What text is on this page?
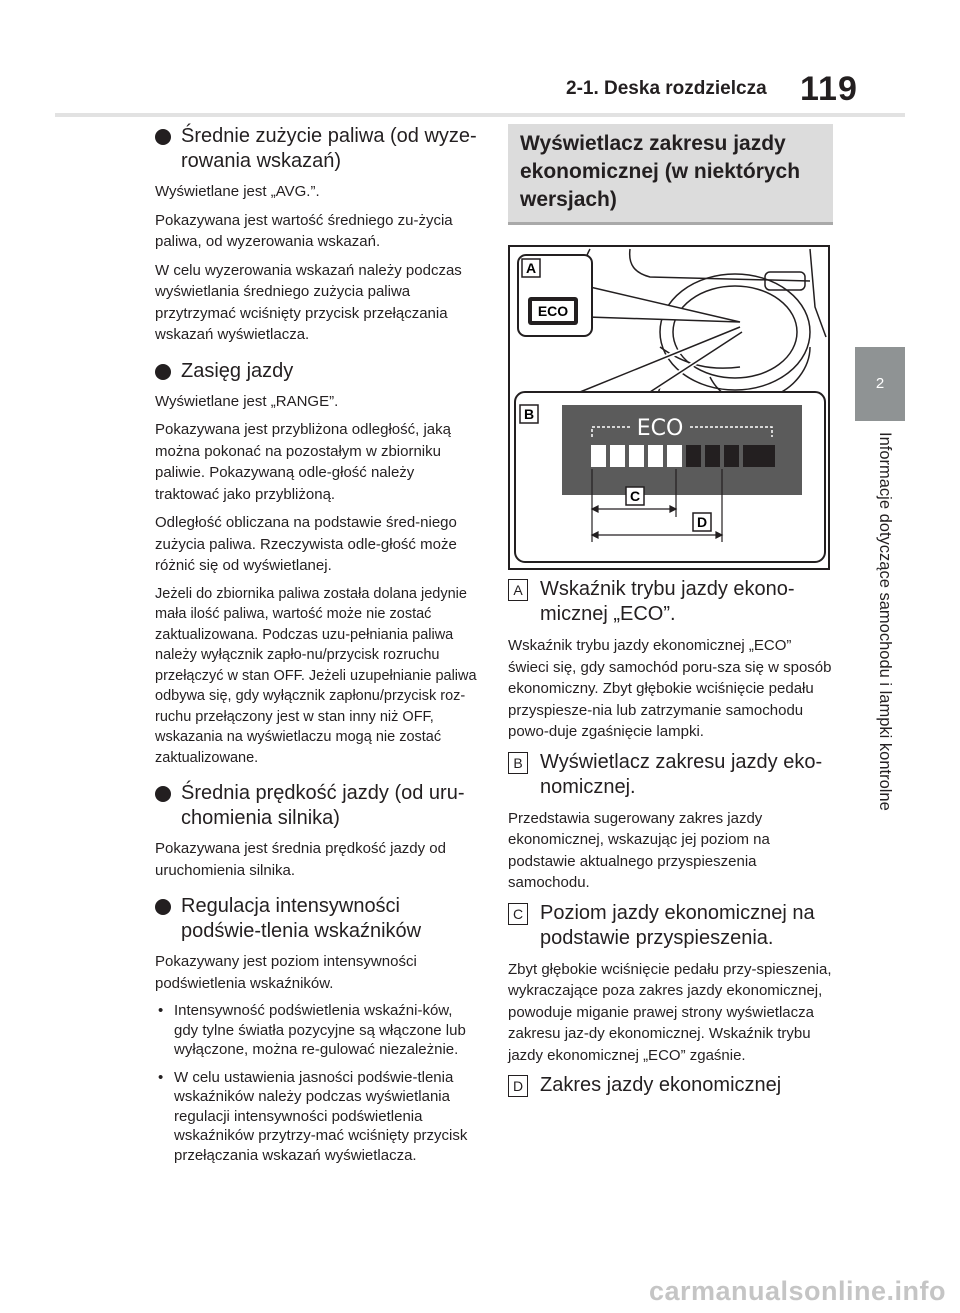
2-1. Deska rozdzielcza 119
2
Informacje dotyczące samochodu i lampki kontrolne
Średnie zużycie paliwa (od wyze-rowania wskazań)

Wyświetlane jest „AVG.”.

Pokazywana jest wartość średniego zu-życia paliwa, od wyzerowania wskazań.

W celu wyzerowania wskazań należy podczas wyświetlania średniego zużycia paliwa przytrzymać wciśnięty przycisk przełączania wskazań wyświetlacza.

Zasięg jazdy

Wyświetlane jest „RANGE”.

Pokazywana jest przybliżona odległość, jaką można pokonać na pozostałym w zbiorniku paliwie. Pokazywaną odle-głość należy traktować jako przybliżoną.

Odległość obliczana na podstawie śred-niego zużycia paliwa. Rzeczywista odle-głość może różnić się od wyświetlanej.

Jeżeli do zbiornika paliwa została dolana jedynie mała ilość paliwa, wartość może nie zostać zaktualizowana. Podczas uzu-pełniania paliwa należy wyłącznik zapło-nu/przycisk rozruchu przełączyć w stan OFF. Jeżeli uzupełnianie paliwa odbywa się, gdy wyłącznik zapłonu/przycisk roz-ruchu przełączony jest w stan inny niż OFF, wskazania na wyświetlaczu mogą nie zostać zaktualizowane.

Średnia prędkość jazdy (od uru-chomienia silnika)

Pokazywana jest średnia prędkość jazdy od uruchomienia silnika.

Regulacja intensywności podświe-tlenia wskaźników

Pokazywany jest poziom intensywności podświetlenia wskaźników.

• Intensywność podświetlenia wskaźni-ków, gdy tylne światła pozycyjne są włączone lub wyłączone, można re-gulować niezależnie.
• W celu ustawienia jasności podświe-tlenia wskaźników należy podczas wyświetlania regulacji intensywności podświetlenia wskaźników przytrzy-mać wciśnięty przycisk przełączania wskazań wyświetlacza.
Wyświetlacz zakresu jazdy ekonomicznej (w niektórych wersjach)
A
ECO
B
ECO
C
D
A Wskaźnik trybu jazdy ekono-micznej „ECO”.

Wskaźnik trybu jazdy ekonomicznej „ECO” świeci się, gdy samochód poru-sza się w sposób ekonomiczny. Zbyt głębokie wciśnięcie pedału przyspiesze-nia lub zatrzymanie samochodu powo-duje zgaśnięcie lampki.

B Wyświetlacz zakresu jazdy eko-nomicznej.

Przedstawia sugerowany zakres jazdy ekonomicznej, wskazując jej poziom na podstawie aktualnego przyspieszenia samochodu.

C Poziom jazdy ekonomicznej na podstawie przyspieszenia.

Zbyt głębokie wciśnięcie pedału przy-spieszenia, wykraczające poza zakres jazdy ekonomicznej, powoduje miganie prawej strony wyświetlacza zakresu jaz-dy ekonomicznej. Wskaźnik trybu jazdy ekonomicznej „ECO” zgaśnie.

D Zakres jazdy ekonomicznej
carmanualsonline.info
